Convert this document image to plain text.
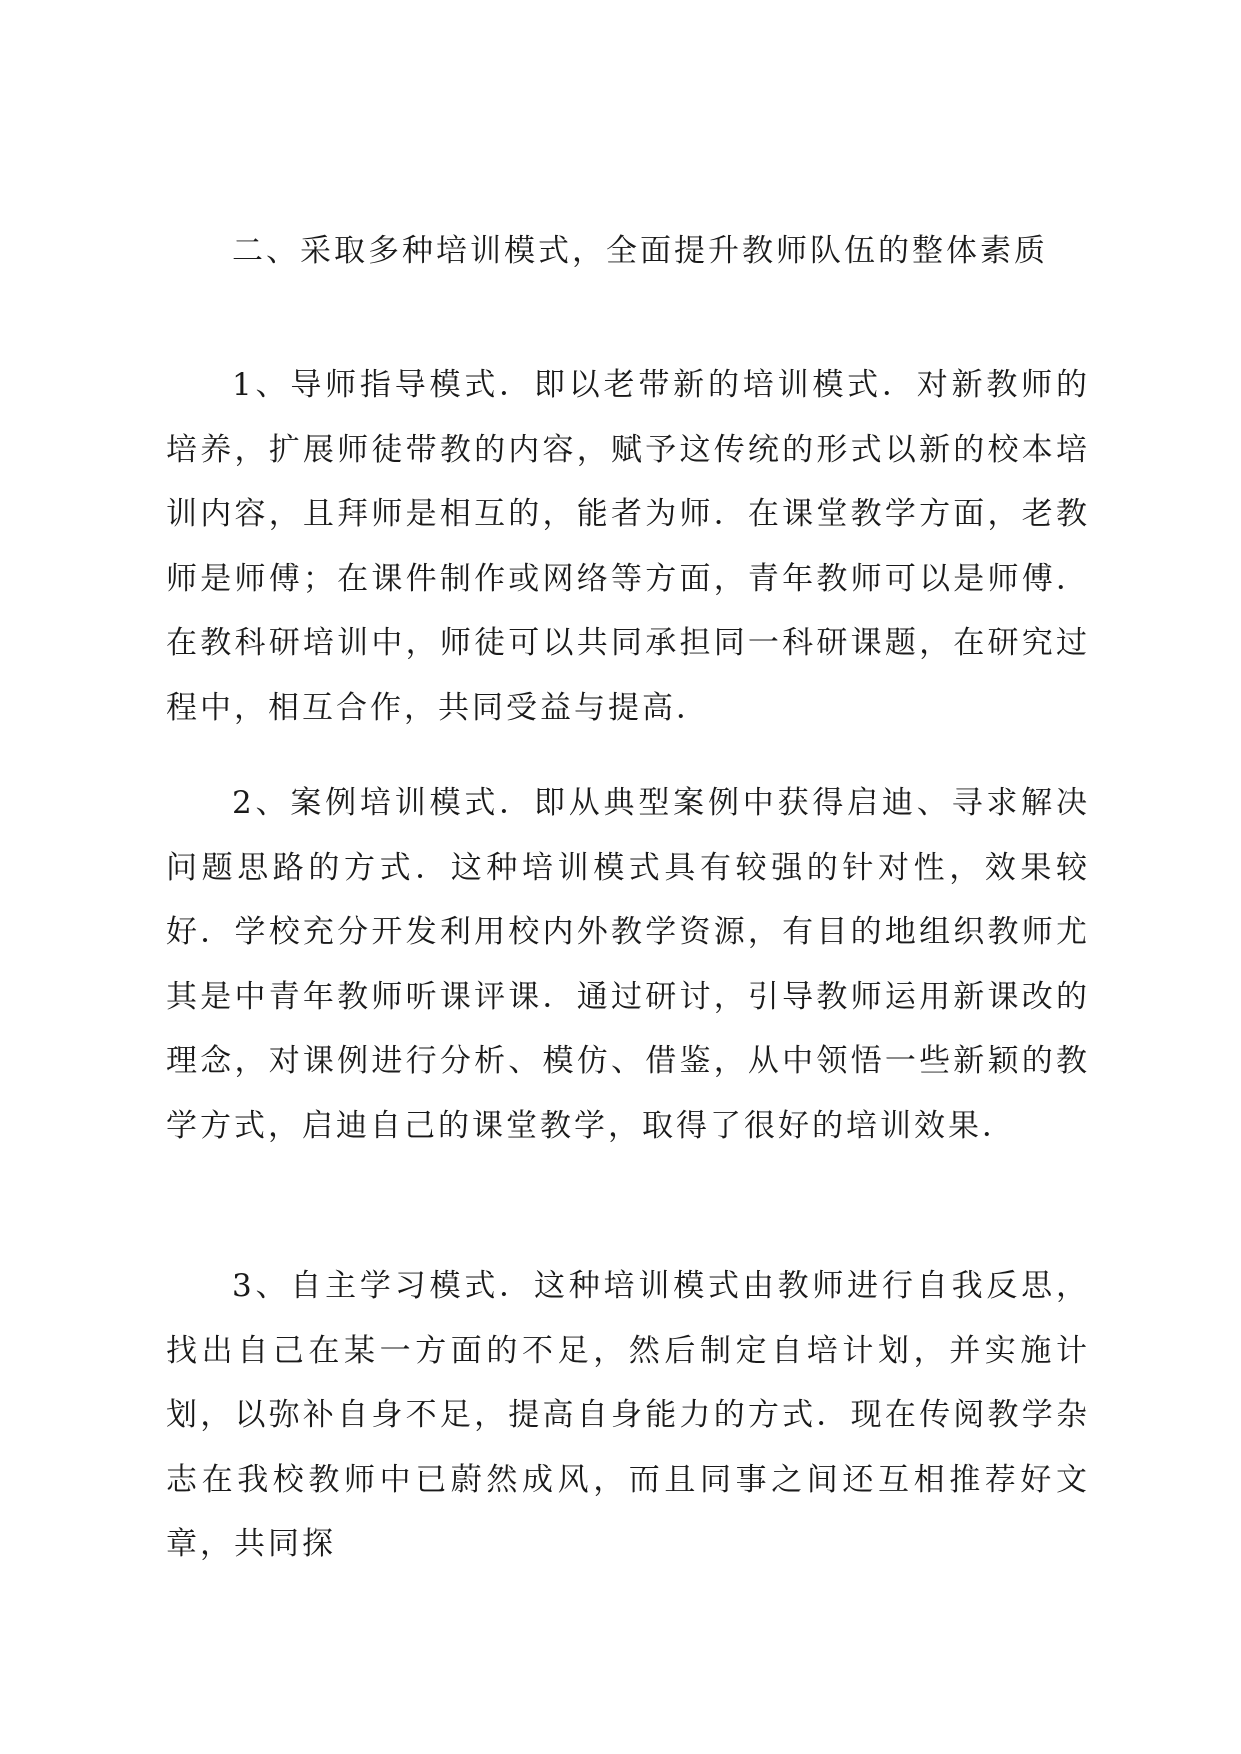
二、采取多种培训模式，全面提升教师队伍的整体素质

1、导师指导模式．即以老带新的培训模式．对新教师的培养，扩展师徒带教的内容，赋予这传统的形式以新的校本培训内容，且拜师是相互的，能者为师．在课堂教学方面，老教师是师傅；在课件制作或网络等方面，青年教师可以是师傅．在教科研培训中，师徒可以共同承担同一科研课题，在研究过程中，相互合作，共同受益与提高．

2、案例培训模式．即从典型案例中获得启迪、寻求解决问题思路的方式．这种培训模式具有较强的针对性，效果较好．学校充分开发利用校内外教学资源，有目的地组织教师尤其是中青年教师听课评课．通过研讨，引导教师运用新课改的理念，对课例进行分析、模仿、借鉴，从中领悟一些新颖的教学方式，启迪自己的课堂教学，取得了很好的培训效果．

3、自主学习模式．这种培训模式由教师进行自我反思，找出自己在某一方面的不足，然后制定自培计划，并实施计划，以弥补自身不足，提高自身能力的方式．现在传阅教学杂志在我校教师中已蔚然成风，而且同事之间还互相推荐好文章，共同探
